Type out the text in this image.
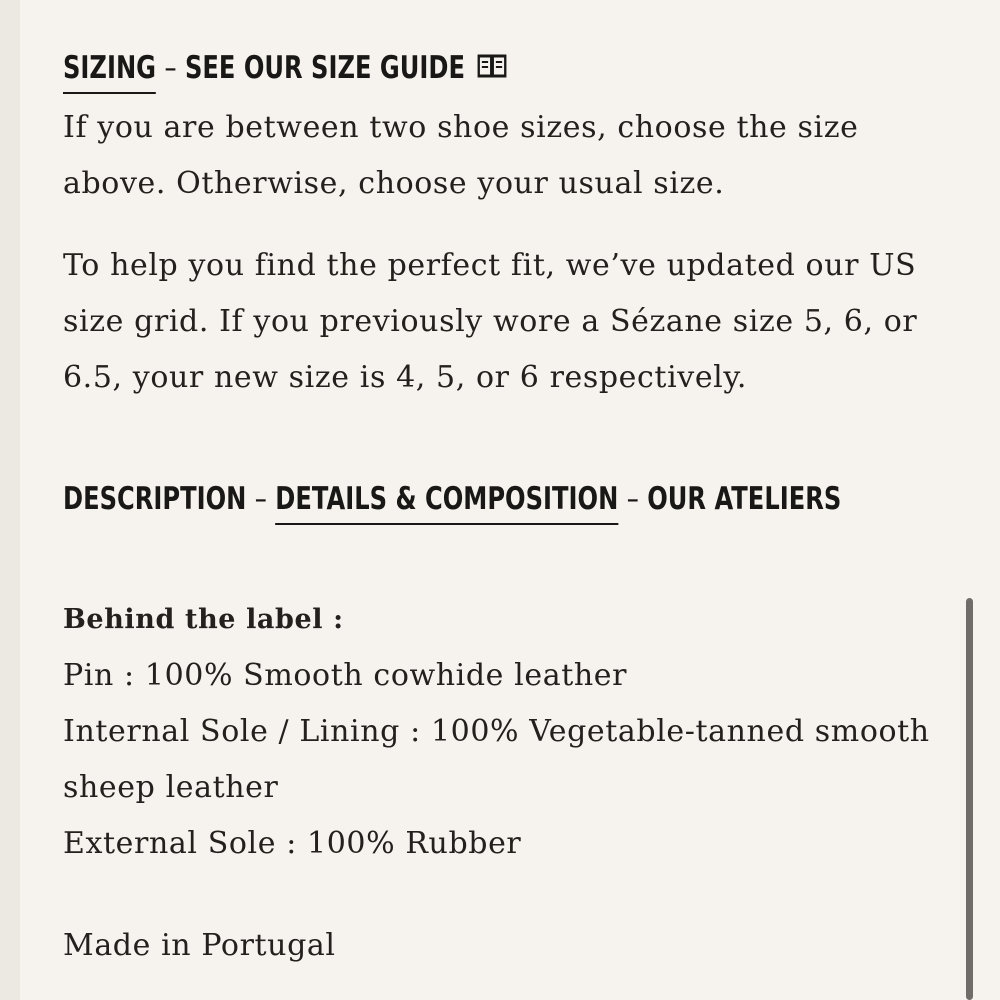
SIZING – SEE OUR SIZE GUIDE

If you are between two shoe sizes, choose the size above. Otherwise, choose your usual size.

To help you find the perfect fit, we’ve updated our US size grid. If you previously wore a Sézane size 5, 6, or 6.5, your new size is 4, 5, or 6 respectively.

DESCRIPTION – DETAILS & COMPOSITION – OUR ATELIERS
Behind the label :
Pin : 100% Smooth cowhide leather
Internal Sole / Lining : 100% Vegetable-tanned smooth sheep leather
External Sole : 100% Rubber

Made in Portugal
